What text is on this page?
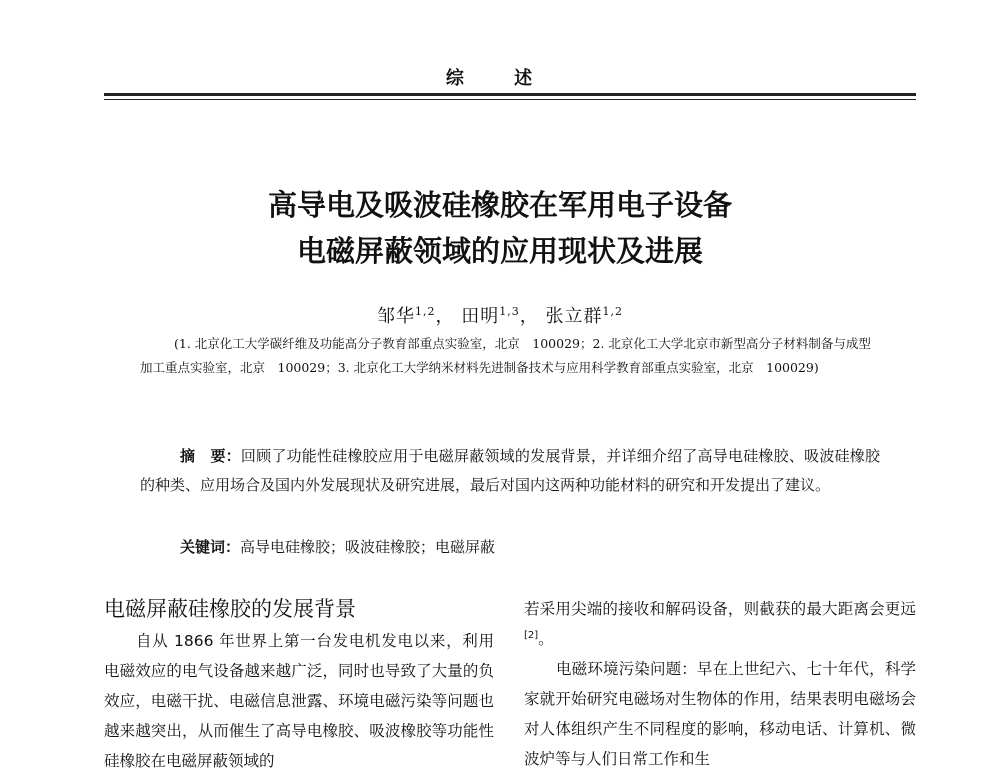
综 述
高导电及吸波硅橡胶在军用电子设备
电磁屏蔽领域的应用现状及进展
邹华$^{1,2}$， 田明$^{1,3}$， 张立群$^{1,2}$
(1. 北京化工大学碳纤维及功能高分子教育部重点实验室，北京　100029；2. 北京化工大学北京市新型高分子材料制备与成型加工重点实验室，北京　100029；3. 北京化工大学纳米材料先进制备技术与应用科学教育部重点实验室，北京　100029)
摘　要：回顾了功能性硅橡胶应用于电磁屏蔽领域的发展背景，并详细介绍了高导电硅橡胶、吸波硅橡胶的种类、应用场合及国内外发展现状及研究进展，最后对国内这两种功能材料的研究和开发提出了建议。
关键词：高导电硅橡胶；吸波硅橡胶；电磁屏蔽
电磁屏蔽硅橡胶的发展背景

自从 1866 年世界上第一台发电机发电以来，利用电磁效应的电气设备越来越广泛，同时也导致了大量的负效应，电磁干扰、电磁信息泄露、环境电磁污染等问题也越来越突出，从而催生了高导电橡胶、吸波橡胶等功能性硅橡胶在电磁屏蔽领域的

若采用尖端的接收和解码设备，则截获的最大距离会更远[2]。

电磁环境污染问题：早在上世纪六、七十年代，科学家就开始研究电磁场对生物体的作用，结果表明电磁场会对人体组织产生不同程度的影响，移动电话、计算机、微波炉等与人们日常工作和生
